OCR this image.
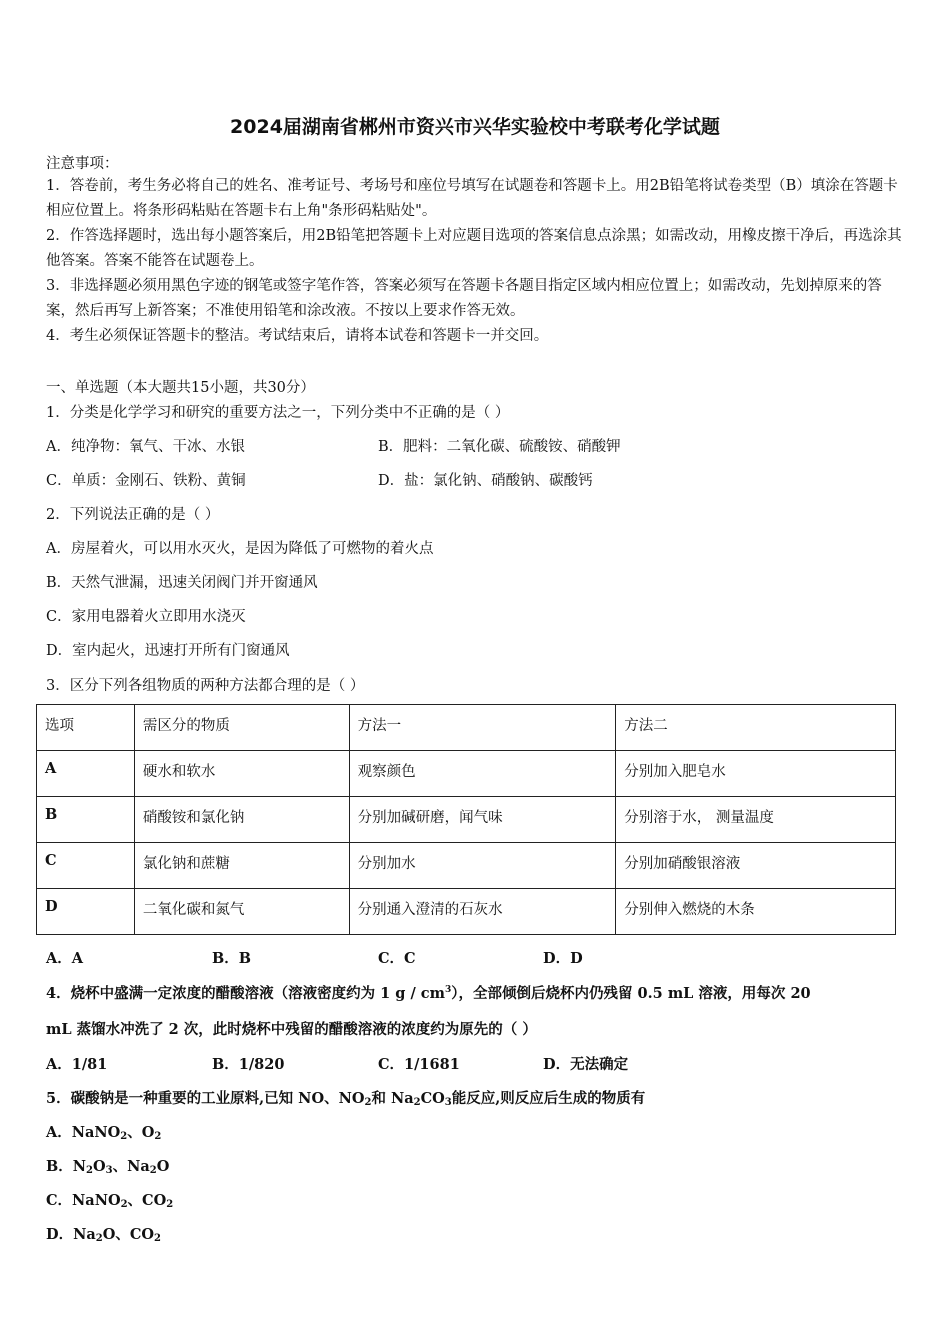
2024届湖南省郴州市资兴市兴华实验校中考联考化学试题
注意事项：

1．答卷前，考生务必将自己的姓名、准考证号、考场号和座位号填写在试题卷和答题卡上。用2B铅笔将试卷类型（B）填涂在答题卡相应位置上。将条形码粘贴在答题卡右上角"条形码粘贴处"。

2．作答选择题时，选出每小题答案后，用2B铅笔把答题卡上对应题目选项的答案信息点涂黑；如需改动，用橡皮擦干净后，再选涂其他答案。答案不能答在试题卷上。

3．非选择题必须用黑色字迹的钢笔或签字笔作答，答案必须写在答题卡各题目指定区域内相应位置上；如需改动，先划掉原来的答案，然后再写上新答案；不准使用铅笔和涂改液。不按以上要求作答无效。

4．考生必须保证答题卡的整洁。考试结束后，请将本试卷和答题卡一并交回。

一、单选题（本大题共15小题，共30分）
1．分类是化学学习和研究的重要方法之一，下列分类中不正确的是（ ）
A．纯净物：氧气、干冰、水银	B．肥料：二氧化碳、硫酸铵、硝酸钾
C．单质：金刚石、铁粉、黄铜	D．盐：氯化钠、硝酸钠、碳酸钙
2．下列说法正确的是（ ）
A．房屋着火，可以用水灭火，是因为降低了可燃物的着火点
B．天然气泄漏，迅速关闭阀门并开窗通风
C．家用电器着火立即用水浇灭
D．室内起火，迅速打开所有门窗通风
3．区分下列各组物质的两种方法都合理的是（ ）
选项	需区分的物质	方法一	方法二
A	硬水和软水	观察颜色	分别加入肥皂水
B	硝酸铵和氯化钠	分别加碱研磨，闻气味	分别溶于水， 测量温度
C	氯化钠和蔗糖	分别加水	分别加硝酸银溶液
D	二氧化碳和氮气	分别通入澄清的石灰水	分别伸入燃烧的木条
A．A	B．B	C．C	D．D
4．烧杯中盛满一定浓度的醋酸溶液（溶液密度约为 1 g / $cm^3$），全部倾倒后烧杯内仍残留 0.5 mL 溶液，用每次 20
mL 蒸馏水冲洗了 2 次，此时烧杯中残留的醋酸溶液的浓度约为原先的（ ）
A．1/81	B．1/820	C．1/1681	D．无法确定
5．碳酸钠是一种重要的工业原料,已知 NO、$NO_2$和 $Na_2CO_3$能反应,则反应后生成的物质有
A．NaNO$_2$、$O_2$
B．$N_2O_3$、$Na_2O$
C．NaNO$_2$、$CO_2$
D．$Na_2O$、$CO_2$
